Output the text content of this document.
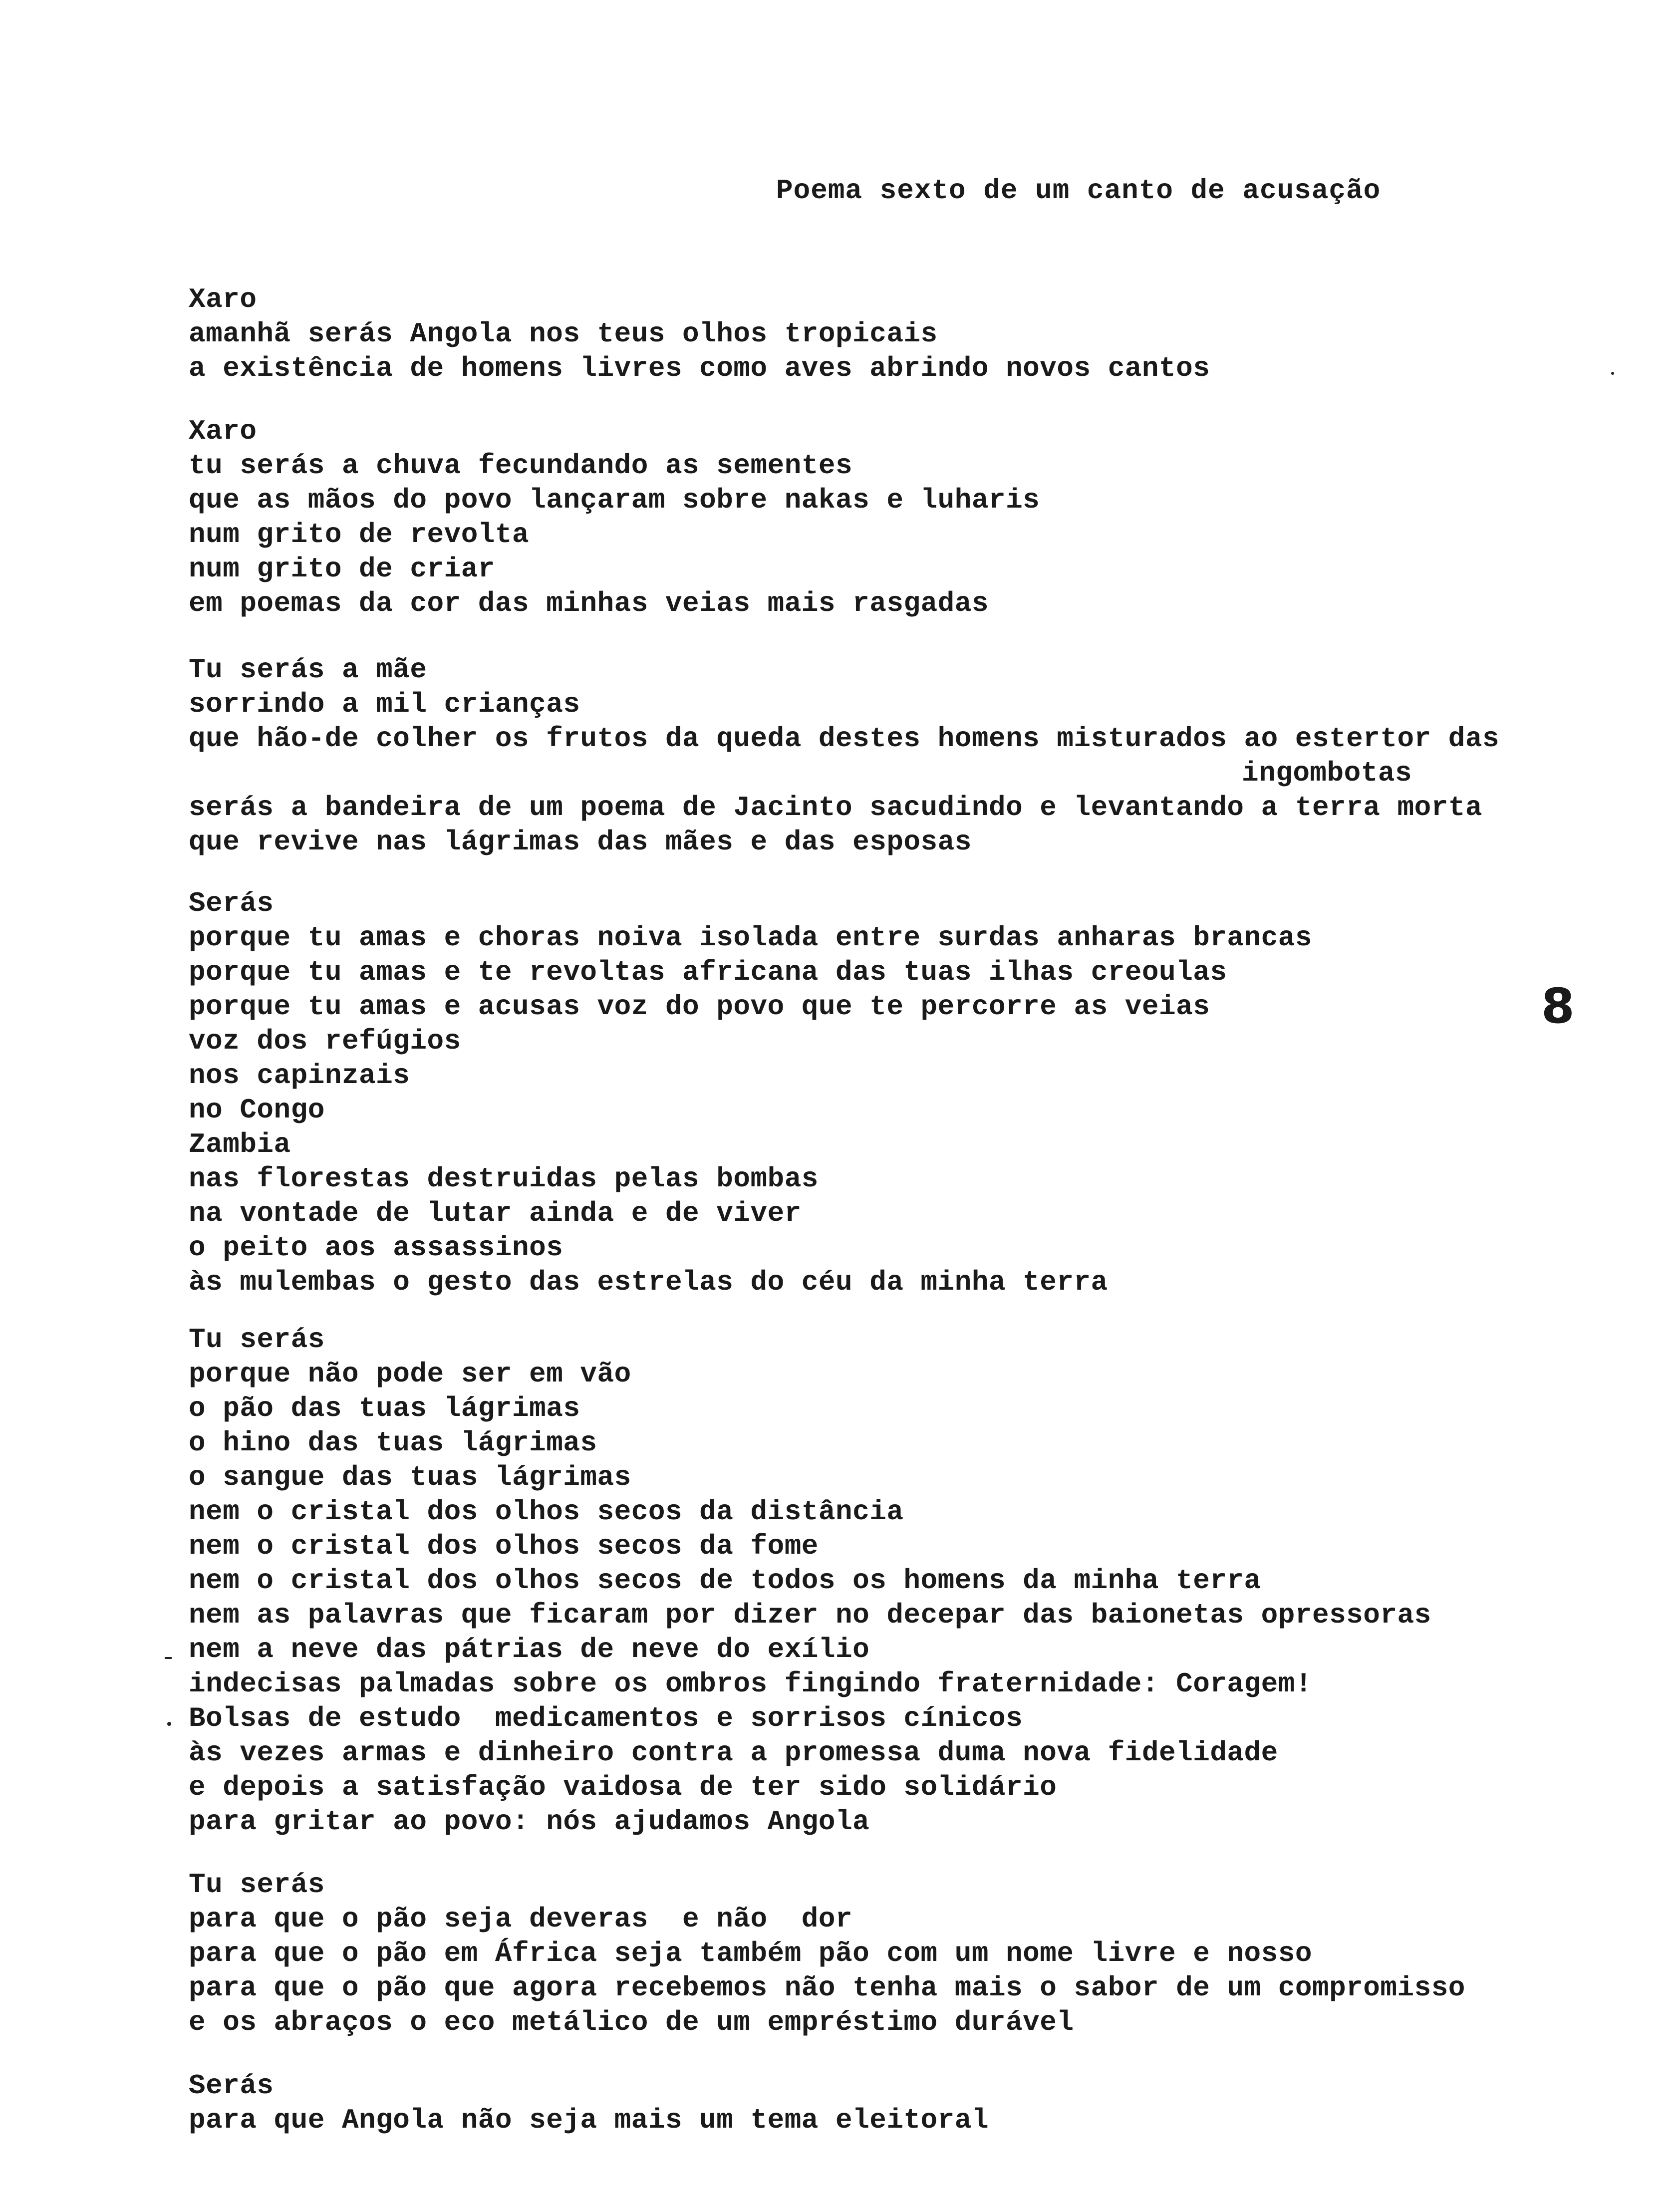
Poema sexto de um canto de acusação
Xaro
amanhã serás Angola nos teus olhos tropicais
a existência de homens livres como aves abrindo novos cantos
Xaro
tu serás a chuva fecundando as sementes
que as mãos do povo lançaram sobre nakas e luharis
num grito de revolta
num grito de criar
em poemas da cor das minhas veias mais rasgadas
Tu serás a mãe
sorrindo a mil crianças
que hão-de colher os frutos da queda destes homens misturados ao estertor das
ingombotas
serás a bandeira de um poema de Jacinto sacudindo e levantando a terra morta
que revive nas lágrimas das mães e das esposas
Serás
porque tu amas e choras noiva isolada entre surdas anharas brancas
porque tu amas e te revoltas africana das tuas ilhas creoulas
porque tu amas e acusas voz do povo que te percorre as veias
voz dos refúgios
nos capinzais
no Congo
Zambia
nas florestas destruidas pelas bombas
na vontade de lutar ainda e de viver
o peito aos assassinos
às mulembas o gesto das estrelas do céu da minha terra
Tu serás
porque não pode ser em vão
o pão das tuas lágrimas
o hino das tuas lágrimas
o sangue das tuas lágrimas
nem o cristal dos olhos secos da distância
nem o cristal dos olhos secos da fome
nem o cristal dos olhos secos de todos os homens da minha terra
nem as palavras que ficaram por dizer no decepar das baionetas opressoras
nem a neve das pátrias de neve do exílio
indecisas palmadas sobre os ombros fingindo fraternidade: Coragem!
Bolsas de estudo  medicamentos e sorrisos cínicos
às vezes armas e dinheiro contra a promessa duma nova fidelidade
e depois a satisfação vaidosa de ter sido solidário
para gritar ao povo: nós ajudamos Angola
Tu serás
para que o pão seja deveras  e não  dor
para que o pão em África seja também pão com um nome livre e nosso
para que o pão que agora recebemos não tenha mais o sabor de um compromisso
e os abraços o eco metálico de um empréstimo durável
Serás
para que Angola não seja mais um tema eleitoral
8
